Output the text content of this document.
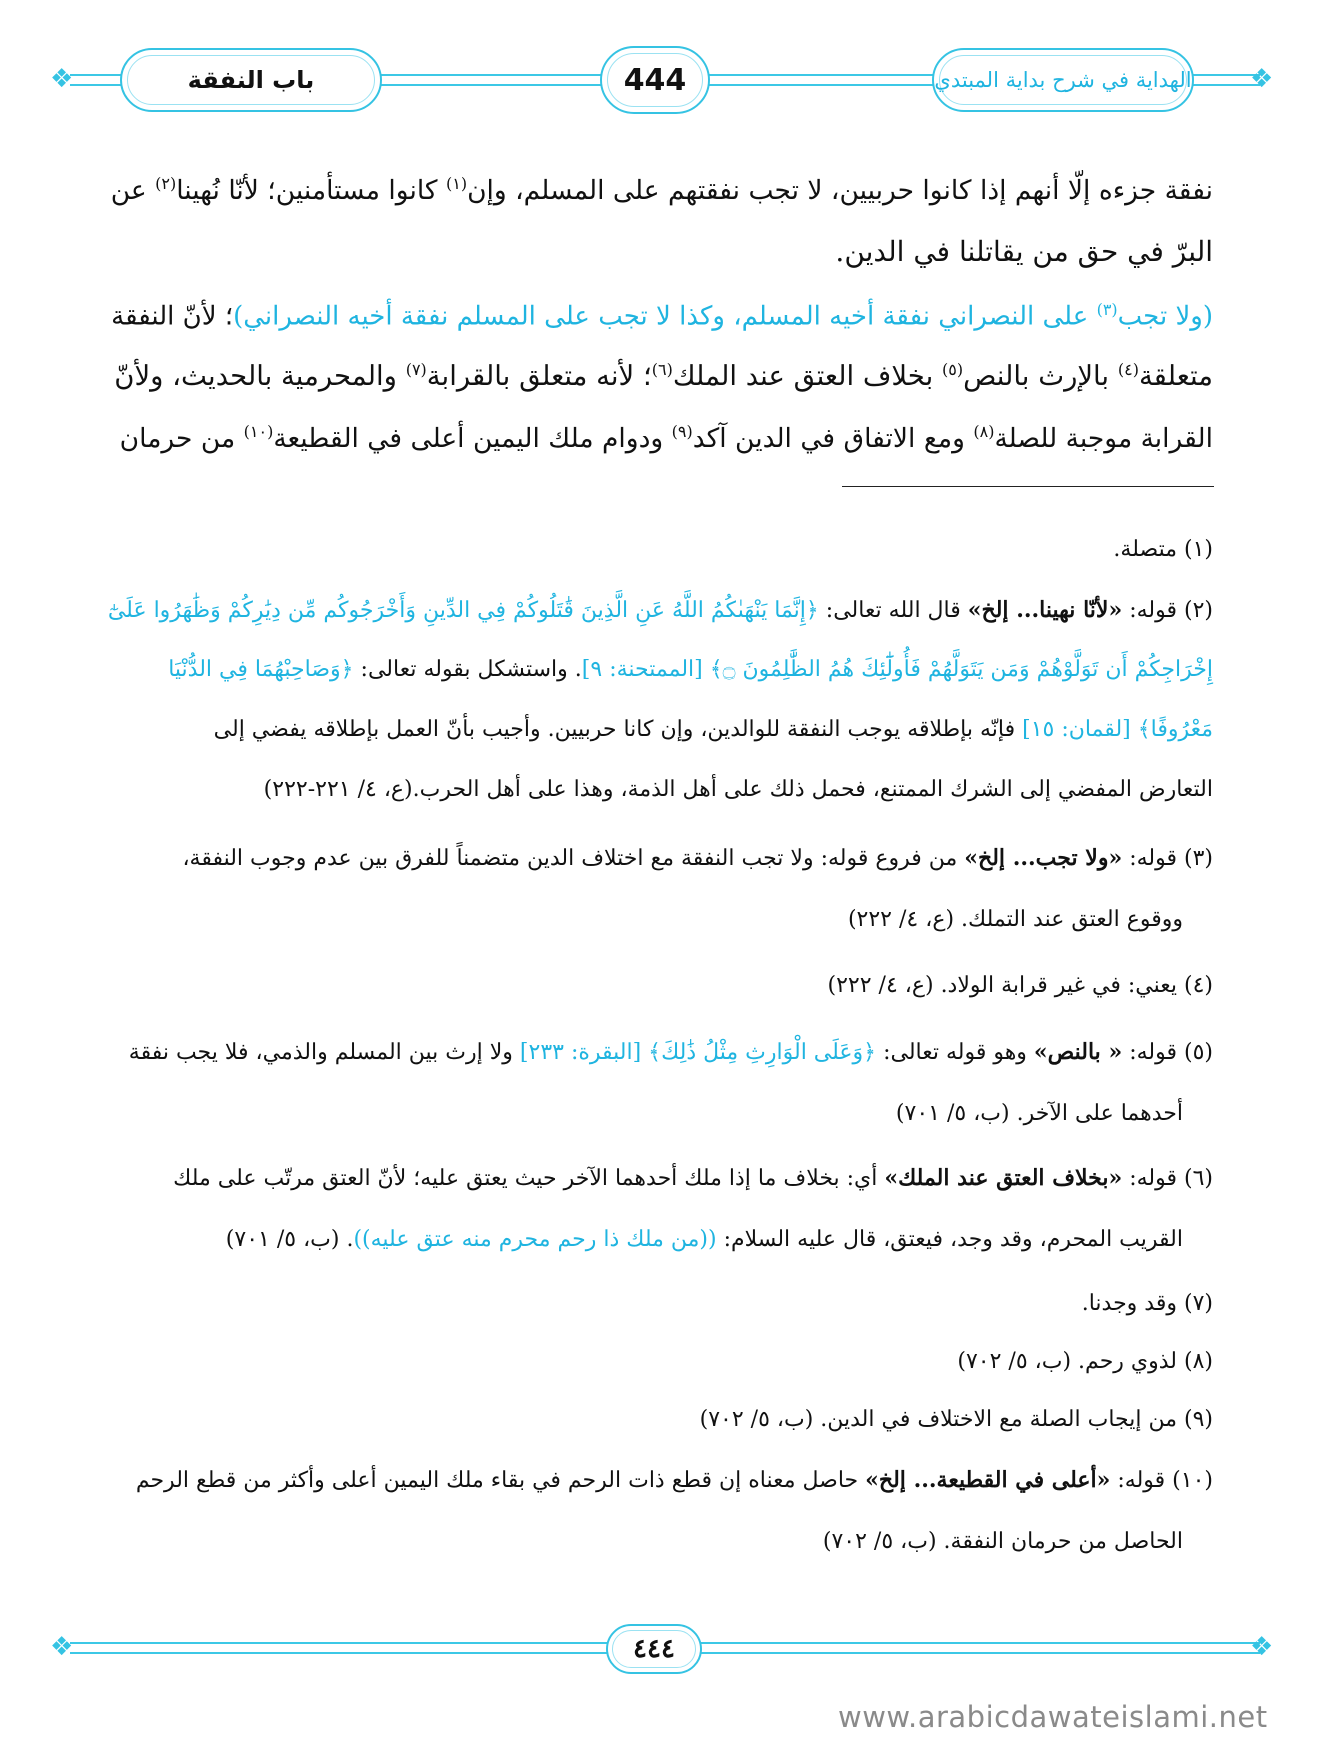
❖	❖
باب النفقة	444	الهداية في شرح بداية المبتدي
نفقة جزءه إلّا أنهم إذا كانوا حربيين، لا تجب نفقتهم على المسلم، وإن$^{(١)}$ كانوا مستأمنين؛ لأنّا نُهينا$^{(٢)}$ عن
البرّ في حق من يقاتلنا في الدين.
(ولا تجب$^{(٣)}$ على النصراني نفقة أخيه المسلم، وكذا لا تجب على المسلم نفقة أخيه النصراني)؛ لأنّ النفقة
متعلقة$^{(٤)}$ بالإرث بالنص$^{(٥)}$ بخلاف العتق عند الملك$^{(٦)}$؛ لأنه متعلق بالقرابة$^{(٧)}$ والمحرمية بالحديث، ولأنّ
القرابة موجبة للصلة$^{(٨)}$ ومع الاتفاق في الدين آكد$^{(٩)}$ ودوام ملك اليمين أعلى في القطيعة$^{(١٠)}$ من حرمان
(١) متصلة.
(٢) قوله: «لأنّا نهينا... إلخ» قال الله تعالى: ﴿إِنَّمَا يَنْهَىٰكُمُ اللَّهُ عَنِ الَّذِينَ قَٰتَلُوكُمْ فِي الدِّينِ وَأَخْرَجُوكُم مِّن دِيَٰرِكُمْ وَظَٰهَرُوا عَلَىٰٓ
إِخْرَاجِكُمْ أَن تَوَلَّوْهُمْ وَمَن يَتَوَلَّهُمْ فَأُولَٰٓئِكَ هُمُ الظَّٰلِمُونَ ۝﴾ [الممتحنة: ٩]. واستشكل بقوله تعالى: ﴿وَصَاحِبْهُمَا فِي الدُّنْيَا
مَعْرُوفًا﴾ [لقمان: ١٥] فإنّه بإطلاقه يوجب النفقة للوالدين، وإن كانا حربيين. وأجيب بأنّ العمل بإطلاقه يفضي إلى
التعارض المفضي إلى الشرك الممتنع، فحمل ذلك على أهل الذمة، وهذا على أهل الحرب.(ع، ٤/ ٢٢١-٢٢٢)
(٣) قوله: «ولا تجب... إلخ» من فروع قوله: ولا تجب النفقة مع اختلاف الدين متضمناً للفرق بين عدم وجوب النفقة،
ووقوع العتق عند التملك. (ع، ٤/ ٢٢٢)
(٤) يعني: في غير قرابة الولاد. (ع، ٤/ ٢٢٢)
(٥) قوله: « بالنص» وهو قوله تعالى: ﴿وَعَلَى الْوَارِثِ مِثْلُ ذَٰلِكَ﴾ [البقرة: ٢٣٣] ولا إرث بين المسلم والذمي، فلا يجب نفقة
أحدهما على الآخر. (ب، ٥/ ٧٠١)
(٦) قوله: «بخلاف العتق عند الملك» أي: بخلاف ما إذا ملك أحدهما الآخر حيث يعتق عليه؛ لأنّ العتق مرتّب على ملك
القريب المحرم، وقد وجد، فيعتق، قال عليه السلام: ((من ملك ذا رحم محرم منه عتق عليه)). (ب، ٥/ ٧٠١)
(٧) وقد وجدنا.
(٨) لذوي رحم. (ب، ٥/ ٧٠٢)
(٩) من إيجاب الصلة مع الاختلاف في الدين. (ب، ٥/ ٧٠٢)
(١٠) قوله: «أعلى في القطيعة... إلخ» حاصل معناه إن قطع ذات الرحم في بقاء ملك اليمين أعلى وأكثر من قطع الرحم
الحاصل من حرمان النفقة. (ب، ٥/ ٧٠٢)
❖	❖
٤٤٤
www.arabicdawateislami.net
